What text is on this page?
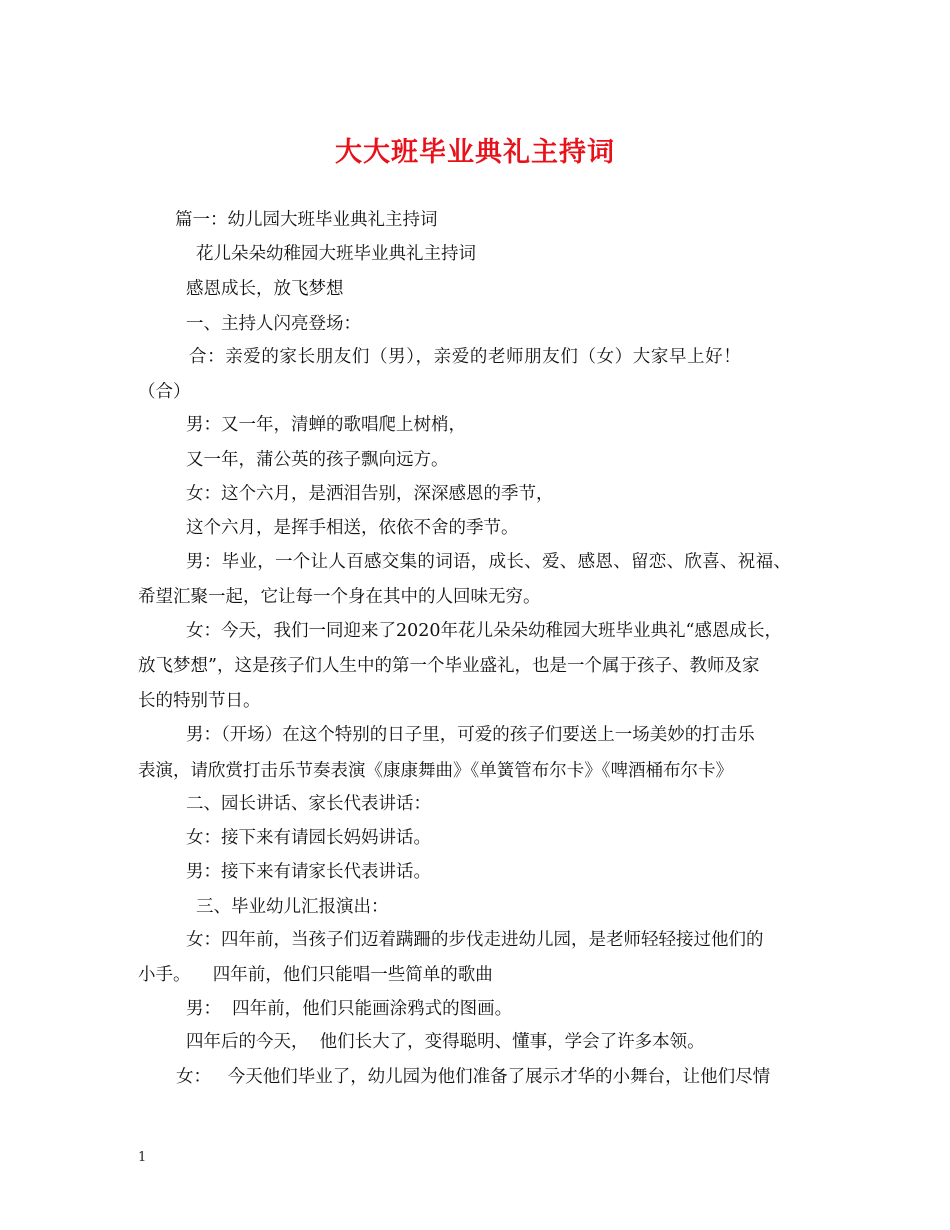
大大班毕业典礼主持词
篇一：幼儿园大班毕业典礼主持词
花儿朵朵幼稚园大班毕业典礼主持词
感恩成长，放飞梦想
一、主持人闪亮登场：
合：亲爱的家长朋友们（男），亲爱的老师朋友们（女）大家早上好！
（合）
男：又一年，清蝉的歌唱爬上树梢，
又一年，蒲公英的孩子飘向远方。
女：这个六月，是洒泪告别，深深感恩的季节，
这个六月，是挥手相送，依依不舍的季节。
男：毕业，一个让人百感交集的词语，成长、爱、感恩、留恋、欣喜、祝福、
希望汇聚一起，它让每一个身在其中的人回味无穷。
女：今天，我们一同迎来了2020年花儿朵朵幼稚园大班毕业典礼“感恩成长，
放飞梦想”，这是孩子们人生中的第一个毕业盛礼，也是一个属于孩子、教师及家
长的特别节日。
男：（开场）在这个特别的日子里，可爱的孩子们要送上一场美妙的打击乐
表演，请欣赏打击乐节奏表演《康康舞曲》《单簧管布尔卡》《啤酒桶布尔卡》
二、园长讲话、家长代表讲话：
女：接下来有请园长妈妈讲话。
男：接下来有请家长代表讲话。
三、毕业幼儿汇报演出：
女：四年前，当孩子们迈着蹒跚的步伐走进幼儿园，是老师轻轻接过他们的
小手。    四年前，他们只能唱一些简单的歌曲
男：  四年前，他们只能画涂鸦式的图画。
四年后的今天，  他们长大了，变得聪明、懂事，学会了许多本领。
女：   今天他们毕业了，幼儿园为他们准备了展示才华的小舞台，让他们尽情
1
